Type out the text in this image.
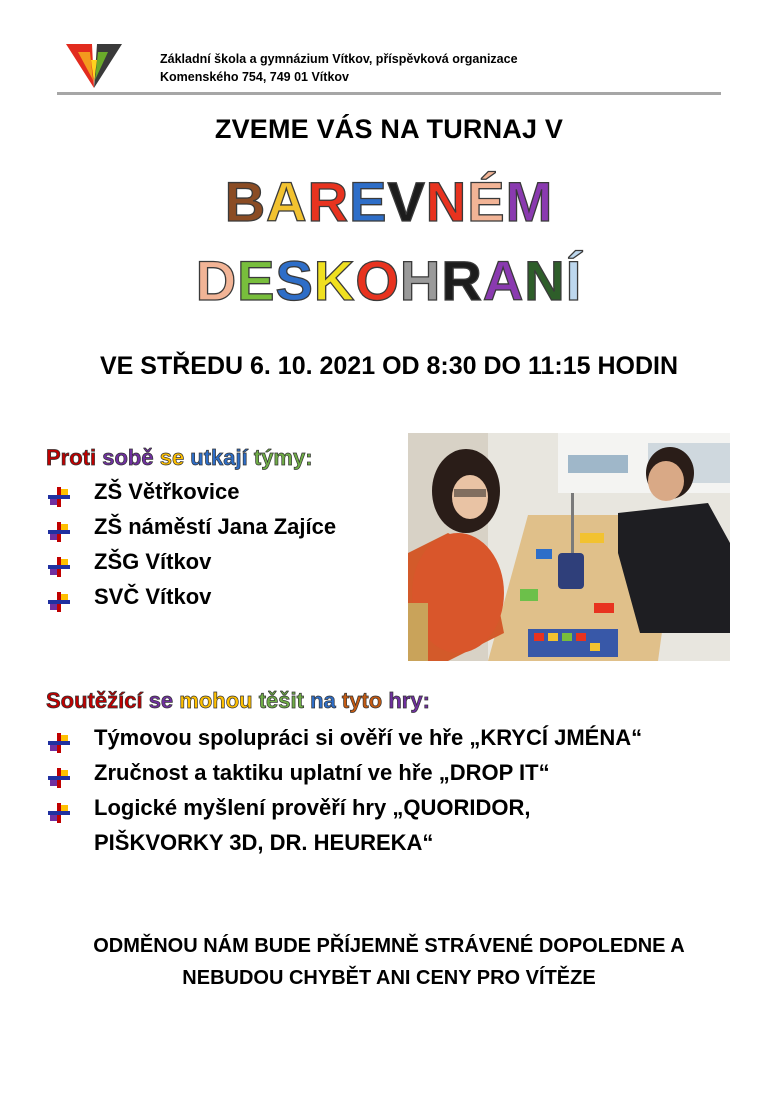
Základní škola a gymnázium Vítkov, příspěvková organizace
Komenského 754, 749 01 Vítkov
ZVEME VÁS NA TURNAJ V
BAREVNÉM
DESKOHRANÍ
VE STŘEDU 6. 10. 2021 OD 8:30 DO 11:15 HODIN
Proti sobě se utkají týmy:
ZŠ Větřkovice
ZŠ náměstí Jana Zajíce
ZŠG Vítkov
SVČ Vítkov
Soutěžící se mohou těšit na tyto hry:
Týmovou spolupráci si ověří ve hře „KRYCÍ JMÉNA“
Zručnost a taktiku uplatní ve hře „DROP IT“
Logické myšlení prověří hry „QUORIDOR, PIŠKVORKY 3D, DR. HEUREKA“
ODMĚNOU NÁM BUDE PŘÍJEMNĚ STRÁVENÉ DOPOLEDNE A
NEBUDOU CHYBĚT ANI CENY PRO VÍTĚZE
